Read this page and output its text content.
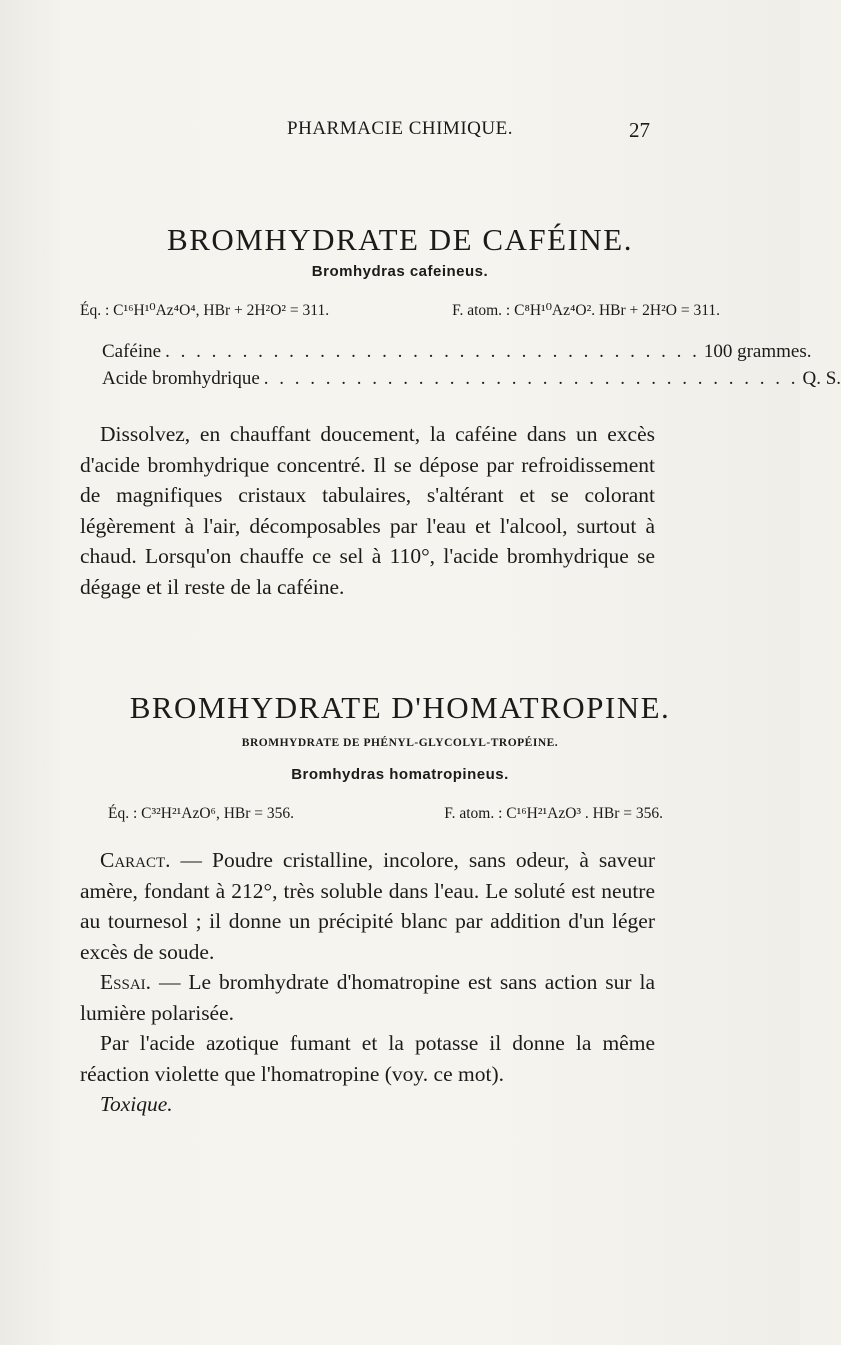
PHARMACIE CHIMIQUE.	27
BROMHYDRATE DE CAFÉINE.
Bromhydras cafeineus.
Éq. : C¹⁶H¹⁰Az⁴O⁴, HBr + 2H²O² = 311.	F. atom. : C⁸H¹⁰Az⁴O². HBr + 2H²O = 311.
Caféine . . . . . . . . . . . . . . . . . . . . . . . . . . . . . . . . . . . 100 grammes.
Acide bromhydrique . . . . . . . . . . . . . . . . . . . . . . . . . . . . . . . . . . . Q. S.

Dissolvez, en chauffant doucement, la caféine dans un excès d'acide bromhydrique concentré. Il se dépose par refroidissement de magnifiques cristaux tabulaires, s'altérant et se colorant légèrement à l'air, décomposables par l'eau et l'alcool, surtout à chaud. Lorsqu'on chauffe ce sel à 110°, l'acide bromhydrique se dégage et il reste de la caféine.

BROMHYDRATE D'HOMATROPINE.
BROMHYDRATE DE PHÉNYL-GLYCOLYL-TROPÉINE.
Bromhydras homatropineus.
Éq. : C³²H²¹AzO⁶, HBr = 356.	F. atom. : C¹⁶H²¹AzO³ . HBr = 356.

Caract. — Poudre cristalline, incolore, sans odeur, à saveur amère, fondant à 212°, très soluble dans l'eau. Le soluté est neutre au tournesol ; il donne un précipité blanc par addition d'un léger excès de soude.

Essai. — Le bromhydrate d'homatropine est sans action sur la lumière polarisée.

Par l'acide azotique fumant et la potasse il donne la même réaction violette que l'homatropine (voy. ce mot).

Toxique.
